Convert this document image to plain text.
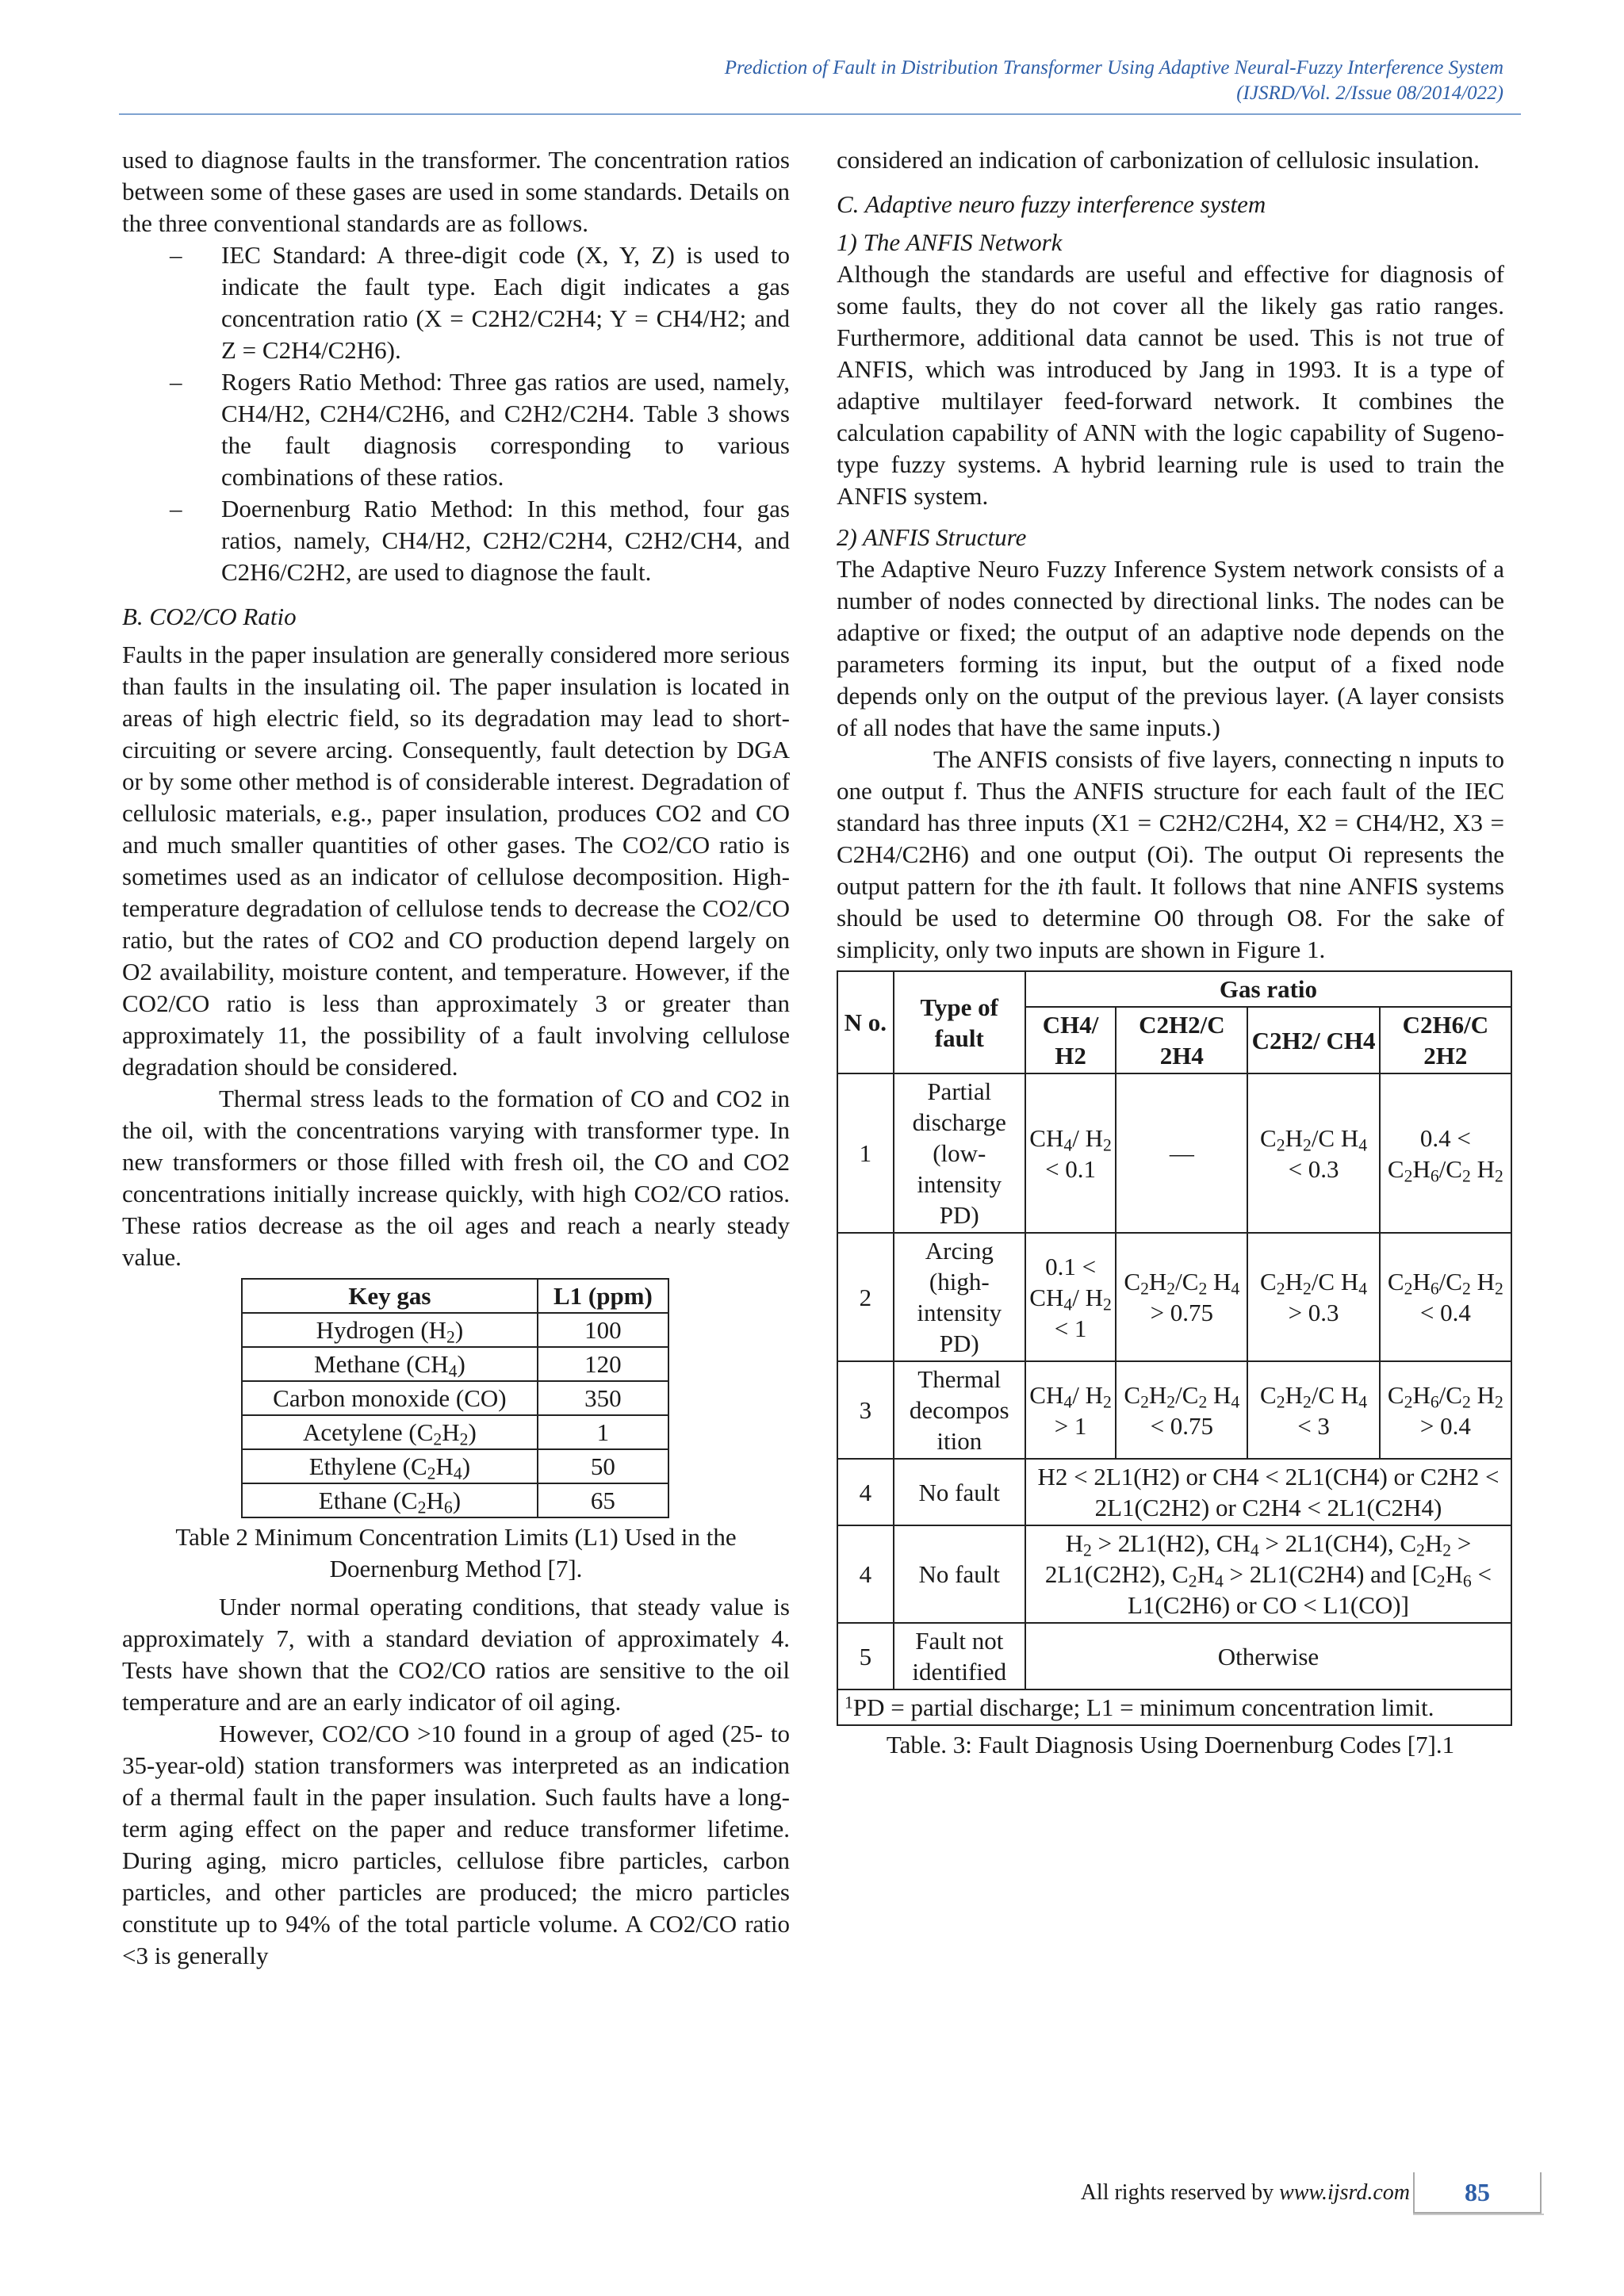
Prediction of Fault in Distribution Transformer Using Adaptive Neural-Fuzzy Interference System
(IJSRD/Vol. 2/Issue 08/2014/022)

used to diagnose faults in the transformer. The concentration ratios between some of these gases are used in some standards. Details on the three conventional standards are as follows.

– IEC Standard: A three-digit code (X, Y, Z) is used to indicate the fault type. Each digit indicates a gas concentration ratio (X = C2H2/C2H4; Y = CH4/H2; and Z = C2H4/C2H6).
– Rogers Ratio Method: Three gas ratios are used, namely, CH4/H2, C2H4/C2H6, and C2H2/C2H4. Table 3 shows the fault diagnosis corresponding to various combinations of these ratios.
– Doernenburg Ratio Method: In this method, four gas ratios, namely, CH4/H2, C2H2/C2H4, C2H2/CH4, and C2H6/C2H2, are used to diagnose the fault.
B. CO2/CO Ratio

Faults in the paper insulation are generally considered more serious than faults in the insulating oil. The paper insulation is located in areas of high electric field, so its degradation may lead to short-circuiting or severe arcing. Consequently, fault detection by DGA or by some other method is of considerable interest. Degradation of cellulosic materials, e.g., paper insulation, produces CO2 and CO and much smaller quantities of other gases. The CO2/CO ratio is sometimes used as an indicator of cellulose decomposition. High-temperature degradation of cellulose tends to decrease the CO2/CO ratio, but the rates of CO2 and CO production depend largely on O2 availability, moisture content, and temperature. However, if the CO2/CO ratio is less than approximately 3 or greater than approximately 11, the possibility of a fault involving cellulose degradation should be considered.

Thermal stress leads to the formation of CO and CO2 in the oil, with the concentrations varying with transformer type. In new transformers or those filled with fresh oil, the CO and CO2 concentrations initially increase quickly, with high CO2/CO ratios. These ratios decrease as the oil ages and reach a nearly steady value.

Key gas	L1 (ppm)
Hydrogen $(H_2)$	100
Methane $(CH_4)$	120
Carbon monoxide (CO)	350
Acetylene $(C_2H_2)$	1
Ethylene $(C_2H_4)$	50
Ethane $(C_2H_6)$	65
Table 2 Minimum Concentration Limits (L1) Used in the Doernenburg Method [7].

Under normal operating conditions, that steady value is approximately 7, with a standard deviation of approximately 4. Tests have shown that the CO2/CO ratios are sensitive to the oil temperature and are an early indicator of oil aging.

However, CO2/CO >10 found in a group of aged (25- to 35-year-old) station transformers was interpreted as an indication of a thermal fault in the paper insulation. Such faults have a long-term aging effect on the paper and reduce transformer lifetime. During aging, micro particles, cellulose fibre particles, carbon particles, and other particles are produced; the micro particles constitute up to 94% of the total particle volume. A CO2/CO ratio <3 is generally

considered an indication of carbonization of cellulosic insulation.

C. Adaptive neuro fuzzy interference system
1) The ANFIS Network

Although the standards are useful and effective for diagnosis of some faults, they do not cover all the likely gas ratio ranges. Furthermore, additional data cannot be used. This is not true of ANFIS, which was introduced by Jang in 1993. It is a type of adaptive multilayer feed-forward network. It combines the calculation capability of ANN with the logic capability of Sugeno-type fuzzy systems. A hybrid learning rule is used to train the ANFIS system.

2) ANFIS Structure

The Adaptive Neuro Fuzzy Inference System network consists of a number of nodes connected by directional links. The nodes can be adaptive or fixed; the output of an adaptive node depends on the parameters forming its input, but the output of a fixed node depends only on the output of the previous layer. (A layer consists of all nodes that have the same inputs.)

The ANFIS consists of five layers, connecting n inputs to one output f. Thus the ANFIS structure for each fault of the IEC standard has three inputs (X1 = C2H2/C2H4, X2 = CH4/H2, X3 = C2H4/C2H6) and one output (Oi). The output Oi represents the output pattern for the ith fault. It follows that nine ANFIS systems should be used to determine O0 through O8. For the sake of simplicity, only two inputs are shown in Figure 1.

N o.	Type of fault	Gas ratio			
		CH4/ H2	C2H2/C 2H4	C2H2/ CH4	C2H6/C 2H2
1	Partial discharge (low-intensity PD)	$CH_4/$ $H_2 < 0.1$	—	$C_2H_2/C$ $H_4 < 0.3$	$0.4 < C_2H_6/C_2$ $H_2$
2	Arcing (high-intensity PD)	$0.1 < CH_4/$ $H_2 < 1$	$C_2H_2/C_2$ $H_4 > 0.75$	$C_2H_2/C$ $H_4 > 0.3$	$C_2H_6/C_2$ $H_2 < 0.4$
3	Thermal decompos ition	$CH_4/$ $H_2 > 1$	$C_2H_2/C_2$ $H_4 < 0.75$	$C_2H_2/C$ $H_4 < 3$	$C_2H_6/C_2$ $H_2 > 0.4$
4	No fault	H2 < 2L1(H2) or CH4 < 2L1(CH4) or C2H2 < 2L1(C2H2) or C2H4 < 2L1(C2H4)			
4	No fault	$H_2 > 2L1(H2)$, $CH_4 > 2L1(CH4)$, $C_2H_2 > 2L1(C2H2)$, $C_2H_4 > 2L1(C2H4)$ and [$C_2H_6 < L1(C2H6)$ or CO < L1(CO)]			
5	Fault not identified	Otherwise			
$^1$PD = partial discharge; L1 = minimum concentration limit.					
Table. 3: Fault Diagnosis Using Doernenburg Codes [7].1
All rights reserved by www.ijsrd.com	85
